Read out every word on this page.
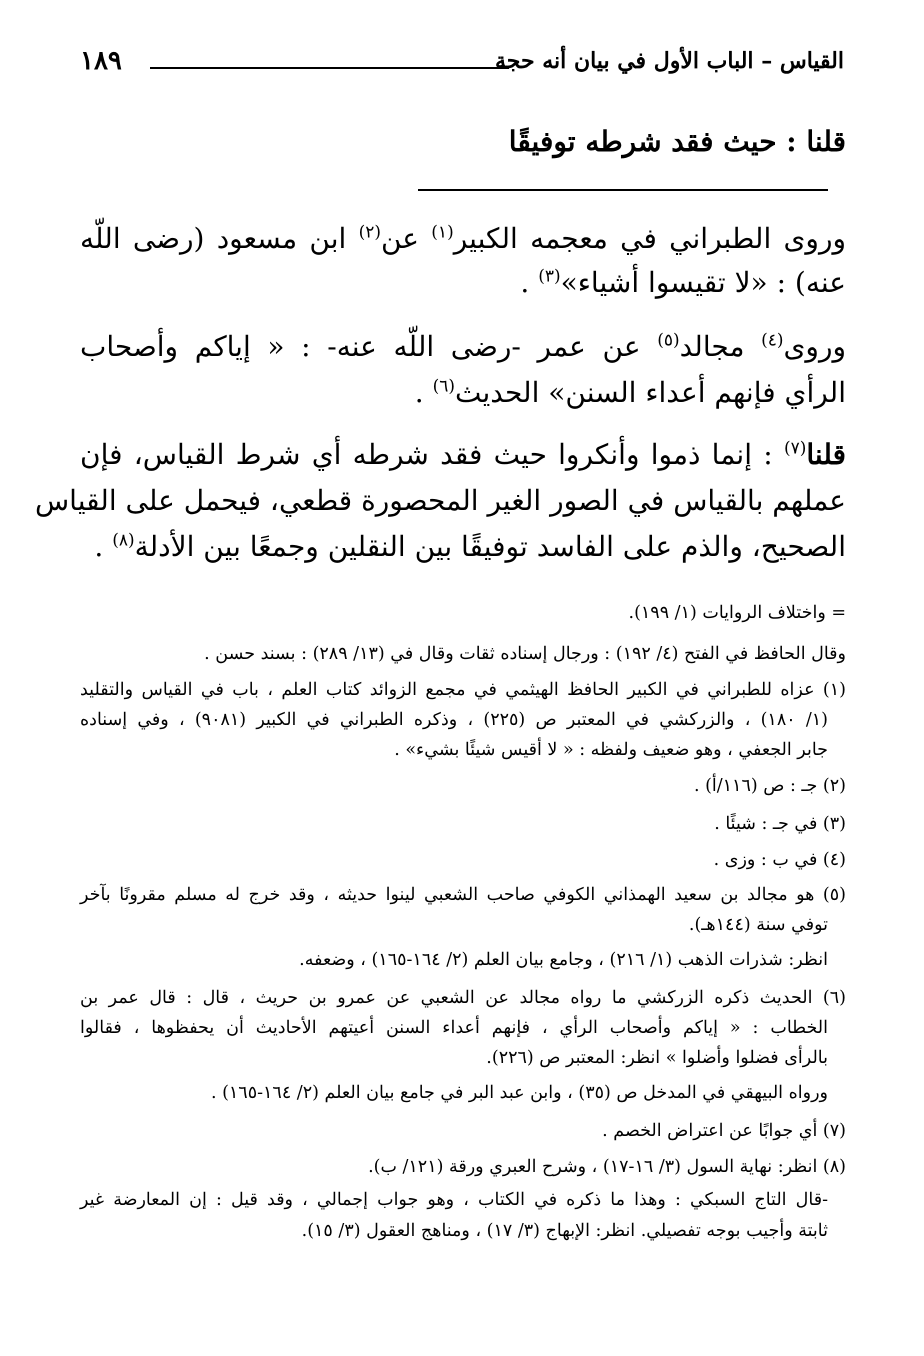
القياس – الباب الأول في بيان أنه حجة
١٨٩
قلنا : حيث فقد شرطه توفيقًا
وروى الطبراني في معجمه الكبير$^{(١)}$ عن$^{(٢)}$ ابن مسعود (رضى اللّه
عنه) : «لا تقيسوا أشياء»$^{(٣)}$ .
وروى$^{(٤)}$ مجالد$^{(٥)}$ عن عمر -رضى اللّه عنه- : « إياكم وأصحاب
الرأي فإنهم أعداء السنن» الحديث$^{(٦)}$ .
قلنا$^{(٧)}$ : إنما ذموا وأنكروا حيث فقد شرطه أي شرط القياس، فإن
عملهم بالقياس في الصور الغير المحصورة قطعي، فيحمل على القياس
الصحيح، والذم على الفاسد توفيقًا بين النقلين وجمعًا بين الأدلة$^{(٨)}$ .
= واختلاف الروايات (١/ ١٩٩).
وقال الحافظ في الفتح (٤/ ١٩٢) : ورجال إسناده ثقات وقال في (١٣/ ٢٨٩) : بسند حسن .
(١) عزاه للطبراني في الكبير الحافظ الهيثمي في مجمع الزوائد كتاب العلم ، باب في القياس والتقليد
(١/ ١٨٠) ، والزركشي في المعتبر ص (٢٢٥) ، وذكره الطبراني في الكبير (٩٠٨١) ، وفي إسناده
جابر الجعفي ، وهو ضعيف ولفظه : « لا أقيس شيئًا بشيء» .
(٢) جـ : ص (١١٦/أ) .
(٣) في جـ : شيئًا .
(٤) في ب : وزى .
(٥) هو مجالد بن سعيد الهمذاني الكوفي صاحب الشعبي لينوا حديثه ، وقد خرج له مسلم مقرونًا بآخر
توفي سنة (١٤٤هـ).
انظر: شذرات الذهب (١/ ٢١٦) ، وجامع بيان العلم (٢/ ١٦٤-١٦٥) ، وضعفه.
(٦) الحديث ذكره الزركشي ما رواه مجالد عن الشعبي عن عمرو بن حريث ، قال : قال عمر بن
الخطاب : « إياكم وأصحاب الرأي ، فإنهم أعداء السنن أعيتهم الأحاديث أن يحفظوها ، فقالوا
بالرأى فضلوا وأضلوا » انظر: المعتبر ص (٢٢٦).
ورواه البيهقي في المدخل ص (٣٥) ، وابن عبد البر في جامع بيان العلم (٢/ ١٦٤-١٦٥) .
(٧) أي جوابًا عن اعتراض الخصم .
(٨) انظر: نهاية السول (٣/ ١٦-١٧) ، وشرح العبري ورقة (١٢١/ ب).
-قال التاج السبكي : وهذا ما ذكره في الكتاب ، وهو جواب إجمالي ، وقد قيل : إن المعارضة غير
ثابتة وأجيب بوجه تفصيلي. انظر: الإبهاج (٣/ ١٧) ، ومناهج العقول (٣/ ١٥).
